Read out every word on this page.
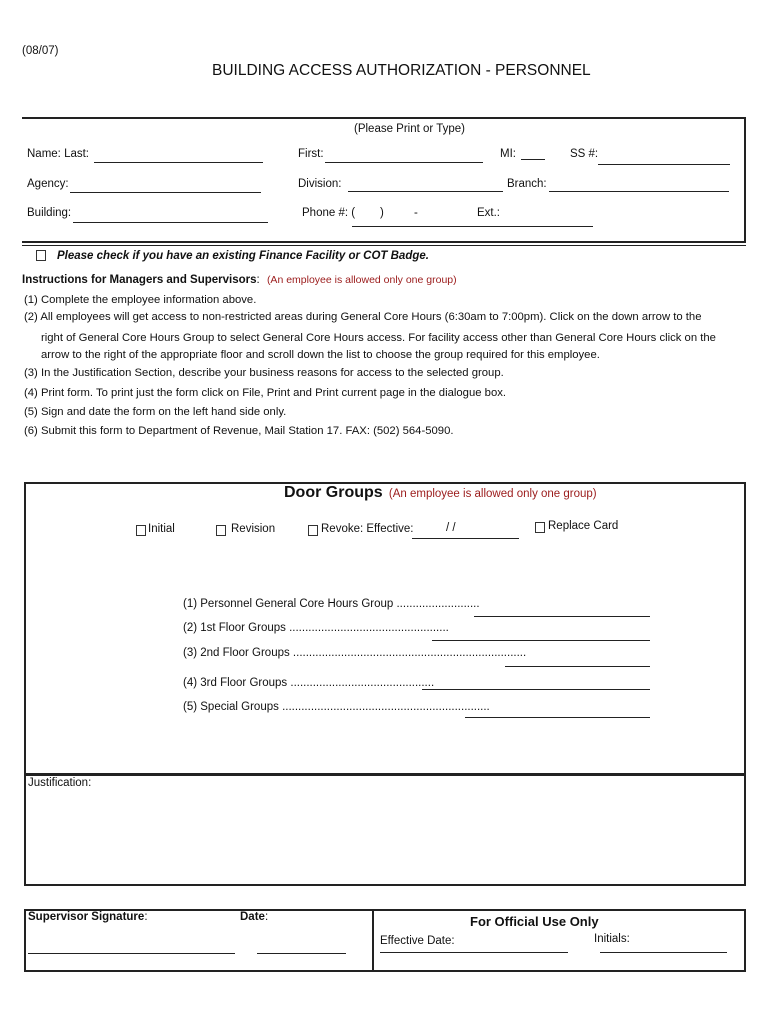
(08/07)
BUILDING ACCESS AUTHORIZATION - PERSONNEL
(Please Print or Type)
Name: Last:	First:	MI:	SS #:
Agency:	Division:	Branch:
Building:	Phone #: ( )	-	Ext.:
Please check if you have an existing Finance Facility or COT Badge.
Instructions for Managers and Supervisors: (An employee is allowed only one group)
(1) Complete the employee information above.
(2) All employees will get access to non-restricted areas during General Core Hours (6:30am to 7:00pm). Click on the down arrow to the
right of General Core Hours Group to select General Core Hours access. For facility access other than General Core Hours click on the
arrow to the right of the appropriate floor and scroll down the list to choose the group required for this employee.
(3) In the Justification Section, describe your business reasons for access to the selected group.
(4) Print form. To print just the form click on File, Print and Print current page in the dialogue box.
(5) Sign and date the form on the left hand side only.
(6) Submit this form to Department of Revenue, Mail Station 17. FAX: (502) 564-5090.
Door Groups (An employee is allowed only one group)
Initial	Revision	Revoke: Effective:	/ /	Replace Card
(1) Personnel General Core Hours Group ..........................
(2) 1st Floor Groups ..................................................
(3) 2nd Floor Groups .........................................................................
(4) 3rd Floor Groups .............................................
(5) Special Groups .................................................................
Justification:
Supervisor Signature:	Date:	For Official Use Only
Effective Date:	Initials:
